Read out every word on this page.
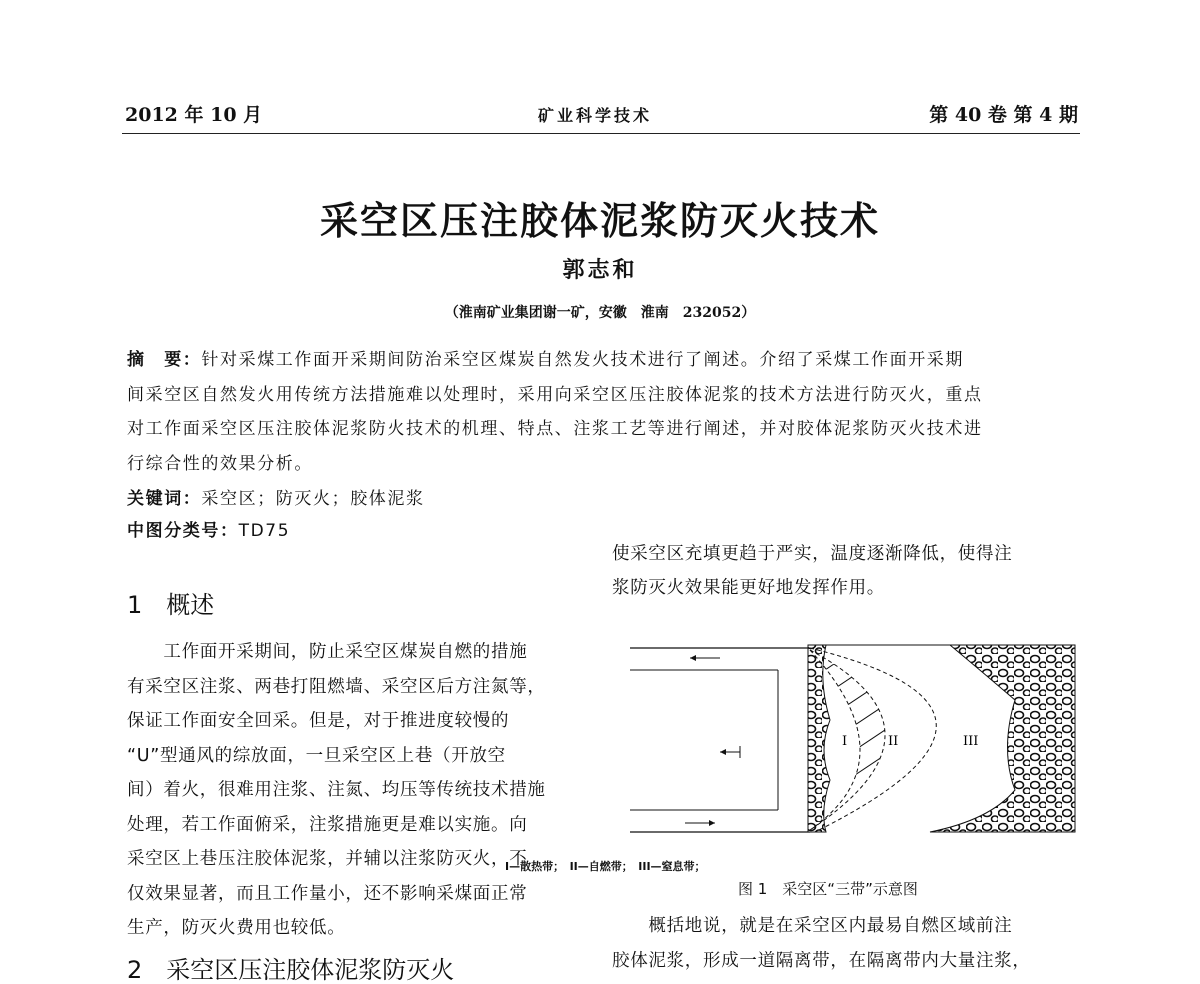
2012 年 10 月	矿业科学技术	第 40 卷 第 4 期
采空区压注胶体泥浆防灭火技术
郭志和
（淮南矿业集团谢一矿，安徽　淮南　232052）
摘　要：针对采煤工作面开采期间防治采空区煤炭自然发火技术进行了阐述。介绍了采煤工作面开采期
间采空区自然发火用传统方法措施难以处理时，采用向采空区压注胶体泥浆的技术方法进行防灭火，重点
对工作面采空区压注胶体泥浆防火技术的机理、特点、注浆工艺等进行阐述，并对胶体泥浆防灭火技术进
行综合性的效果分析。
关键词：采空区；防灭火；胶体泥浆
中图分类号：TD75
1　概述
　　工作面开采期间，防止采空区煤炭自燃的措施
有采空区注浆、两巷打阻燃墙、采空区后方注氮等，
保证工作面安全回采。但是，对于推进度较慢的
“U”型通风的综放面，一旦采空区上巷（开放空
间）着火，很难用注浆、注氮、均压等传统技术措施
处理，若工作面俯采，注浆措施更是难以实施。向
采空区上巷压注胶体泥浆，并辅以注浆防灭火，不
仅效果显著，而且工作量小，还不影响采煤面正常
生产，防灭火费用也较低。
2　采空区压注胶体泥浆防灭火
使采空区充填更趋于严实，温度逐渐降低，使得注
浆防灭火效果能更好地发挥作用。
I	II	III
I—散热带；　II—自燃带；　III—窒息带；
图 1　采空区“三带”示意图
　　概括地说，就是在采空区内最易自燃区域前注
胶体泥浆，形成一道隔离带，在隔离带内大量注浆，
